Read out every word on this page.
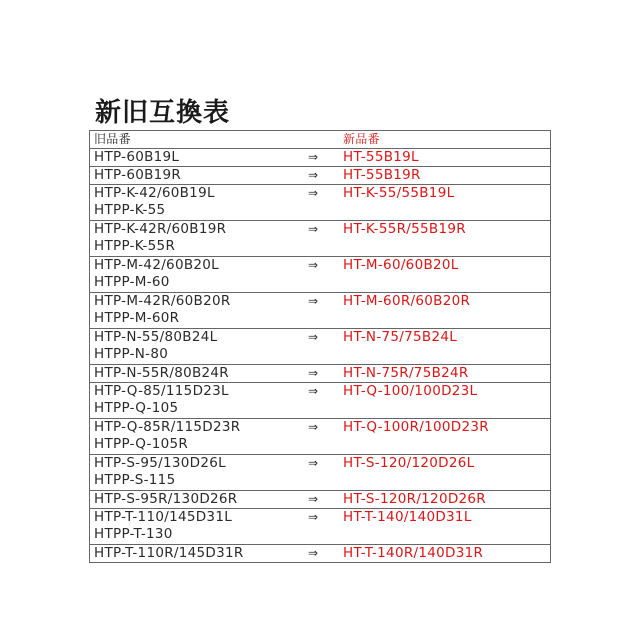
新旧互換表
旧品番	新品番
HTP-60B19L	⇒ HT-55B19L
HTP-60B19R	⇒ HT-55B19R
HTP-K-42/60B19L
HTPP-K-55
⇒ HT-K-55/55B19L
HTP-K-42R/60B19R
HTPP-K-55R
⇒ HT-K-55R/55B19R
HTP-M-42/60B20L
HTPP-M-60
⇒ HT-M-60/60B20L
HTP-M-42R/60B20R
HTPP-M-60R
⇒ HT-M-60R/60B20R
HTP-N-55/80B24L
HTPP-N-80
⇒ HT-N-75/75B24L
HTP-N-55R/80B24R	⇒ HT-N-75R/75B24R
HTP-Q-85/115D23L
HTPP-Q-105
⇒ HT-Q-100/100D23L
HTP-Q-85R/115D23R
HTPP-Q-105R
⇒ HT-Q-100R/100D23R
HTP-S-95/130D26L
HTPP-S-115
⇒ HT-S-120/120D26L
HTP-S-95R/130D26R	⇒ HT-S-120R/120D26R
HTP-T-110/145D31L
HTPP-T-130
⇒ HT-T-140/140D31L
HTP-T-110R/145D31R	⇒ HT-T-140R/140D31R
